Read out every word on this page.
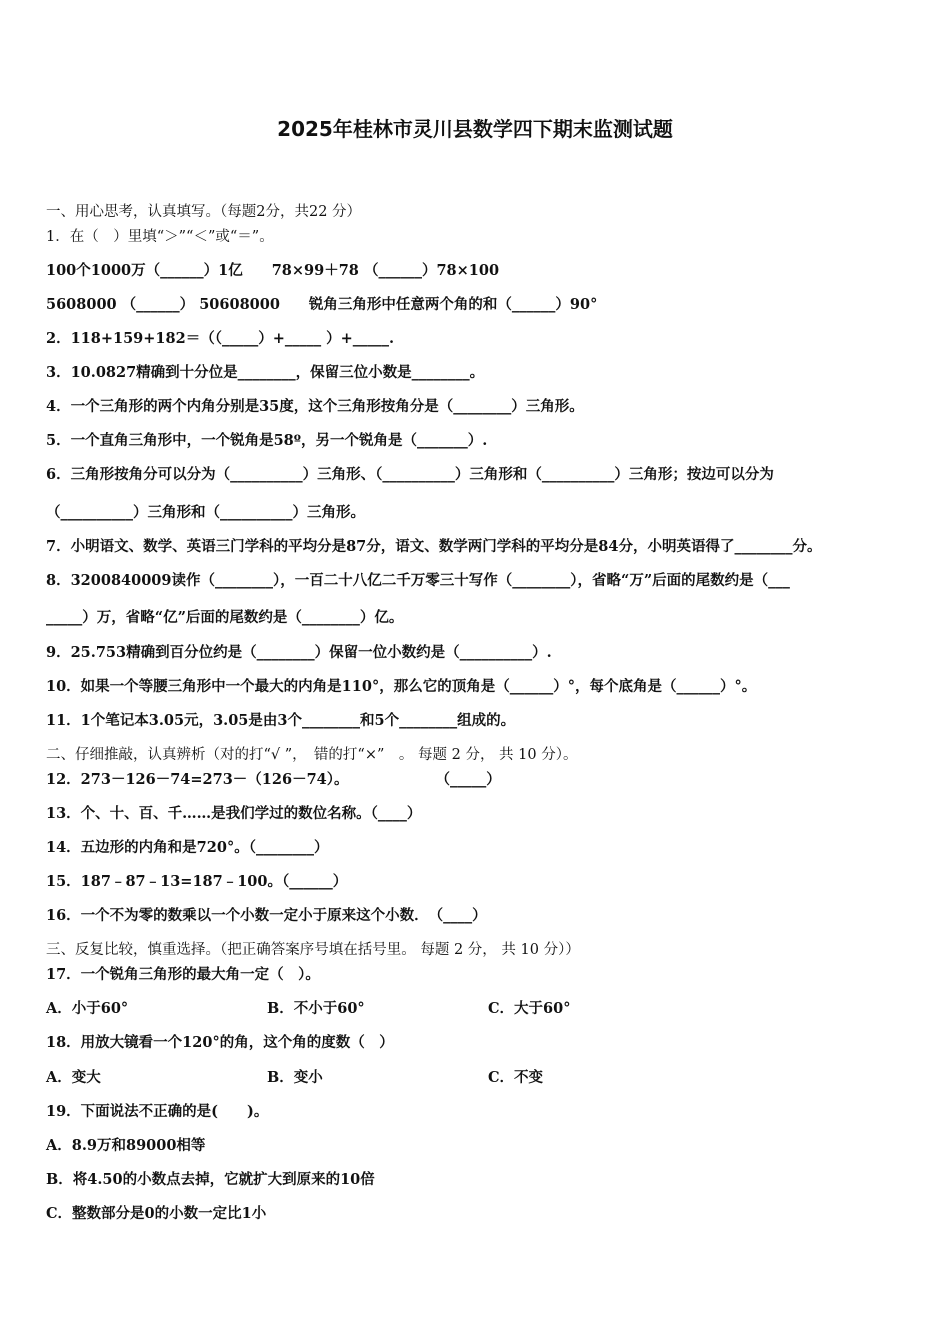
2025年桂林市灵川县数学四下期末监测试题
一、用心思考，认真填写。（每题2分，共22 分）
1．在（　）里填“＞”“＜”或“＝”。
100个1000万（______）1亿　　78×99＋78 （______）78×100
5608000 （______） 50608000　　锐角三角形中任意两个角的和（______）90°
2．118+159+182＝（（_____）+_____ ）+_____.
3．10.0827精确到十分位是________，保留三位小数是________。
4．一个三角形的两个内角分别是35度，这个三角形按角分是（________）三角形。
5．一个直角三角形中，一个锐角是58º，另一个锐角是（_______）.
6．三角形按角分可以分为（__________）三角形、（__________）三角形和（__________）三角形；按边可以分为
（__________）三角形和（__________）三角形。
7．小明语文、数学、英语三门学科的平均分是87分，语文、数学两门学科的平均分是84分，小明英语得了________分。
8．3200840009读作（________），一百二十八亿二千万零三十写作（________），省略“万”后面的尾数约是（___
_____）万，省略“亿”后面的尾数约是（________）亿。
9．25.753精确到百分位约是（________）保留一位小数约是（__________）.
10．如果一个等腰三角形中一个最大的内角是110°，那么它的顶角是（______）°，每个底角是（______）°。
11．1个笔记本3.05元，3.05是由3个________和5个________组成的。
二、仔细推敲，认真辨析（对的打“√ ”，　错的打“×”　。 每题 2 分， 共 10 分）。
12．273－126－74=273－（126－74）。　　　　　　　（_____）
13．个、十、百、千……是我们学过的数位名称。（____）
14．五边形的内角和是720°。（________）
15．187﹣87﹣13=187﹣100。（______）
16．一个不为零的数乘以一个小数一定小于原来这个小数．　（____）
三、反复比较，慎重选择。（把正确答案序号填在括号里。 每题 2 分， 共 10 分））
17．一个锐角三角形的最大角一定（　）。
A．小于60°	B．不小于60°	C．大于60°
18．用放大镜看一个120°的角，这个角的度数（　）
A．变大	B．变小	C．不变
19．下面说法不正确的是(　　)。
A．8.9万和89000相等
B．将4.50的小数点去掉，它就扩大到原来的10倍
C．整数部分是0的小数一定比1小
